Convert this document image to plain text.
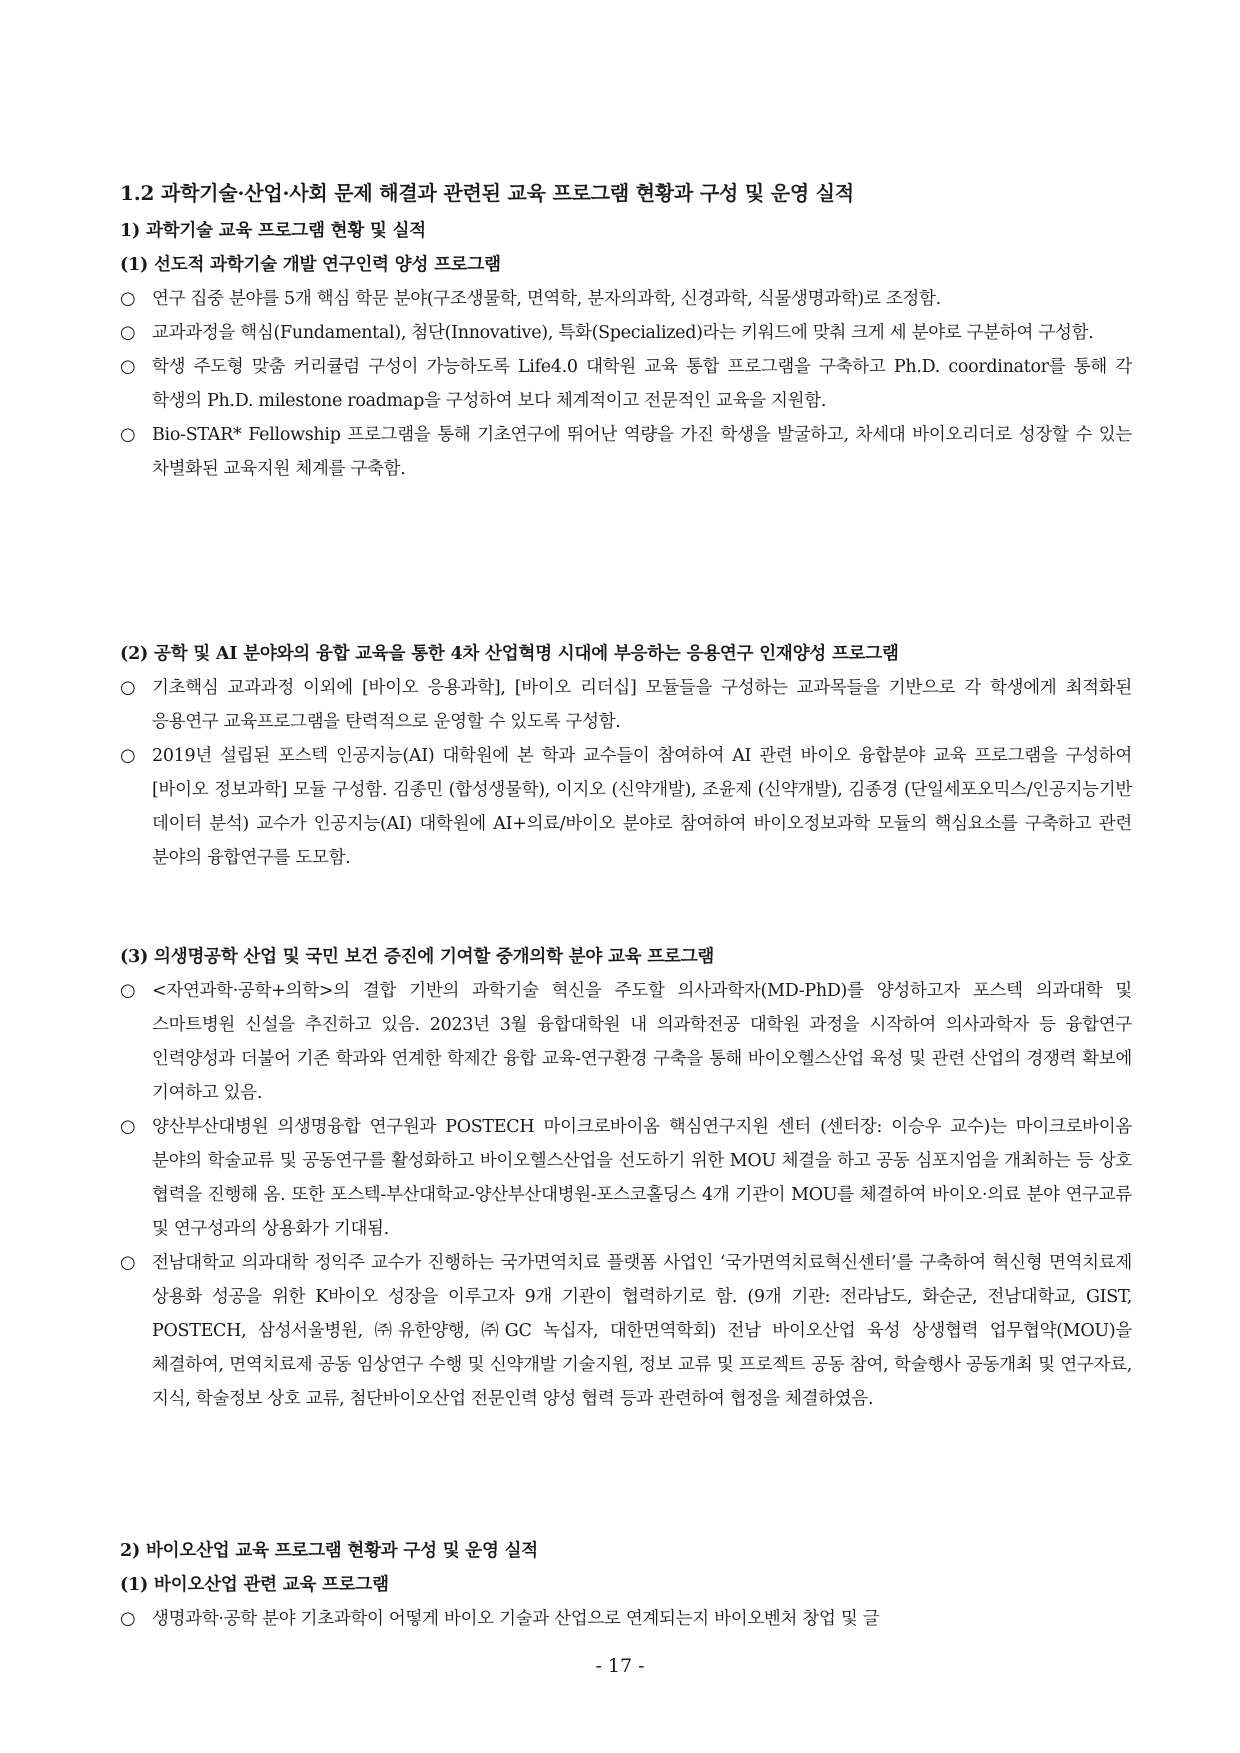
1.2 과학기술·산업·사회 문제 해결과 관련된 교육 프로그램 현황과 구성 및 운영 실적
1) 과학기술 교육 프로그램 현황 및 실적
(1) 선도적 과학기술 개발 연구인력 양성 프로그램
○ 연구 집중 분야를 5개 핵심 학문 분야(구조생물학, 면역학, 분자의과학, 신경과학, 식물생명과학)로 조정함.
○ 교과과정을 핵심(Fundamental), 첨단(Innovative), 특화(Specialized)라는 키워드에 맞춰 크게 세 분야로 구분하여 구성함.
○ 학생 주도형 맞춤 커리큘럼 구성이 가능하도록 Life4.0 대학원 교육 통합 프로그램을 구축하고 Ph.D. coordinator를 통해 각 학생의 Ph.D. milestone roadmap을 구성하여 보다 체계적이고 전문적인 교육을 지원함.
○ Bio-STAR* Fellowship 프로그램을 통해 기초연구에 뛰어난 역량을 가진 학생을 발굴하고, 차세대 바이오리더로 성장할 수 있는 차별화된 교육지원 체계를 구축함.
(2) 공학 및 AI 분야와의 융합 교육을 통한 4차 산업혁명 시대에 부응하는 응용연구 인재양성 프로그램
○ 기초핵심 교과과정 이외에 [바이오 응용과학], [바이오 리더십] 모듈들을 구성하는 교과목들을 기반으로 각 학생에게 최적화된 응용연구 교육프로그램을 탄력적으로 운영할 수 있도록 구성함.
○ 2019년 설립된 포스텍 인공지능(AI) 대학원에 본 학과 교수들이 참여하여 AI 관련 바이오 융합분야 교육 프로그램을 구성하여 [바이오 정보과학] 모듈 구성함. 김종민 (합성생물학), 이지오 (신약개발), 조윤제 (신약개발), 김종경 (단일세포오믹스/인공지능기반 데이터 분석) 교수가 인공지능(AI) 대학원에 AI+의료/바이오 분야로 참여하여 바이오정보과학 모듈의 핵심요소를 구축하고 관련 분야의 융합연구를 도모함.
(3) 의생명공학 산업 및 국민 보건 증진에 기여할 중개의학 분야 교육 프로그램
○ <자연과학·공학+의학>의 결합 기반의 과학기술 혁신을 주도할 의사과학자(MD-PhD)를 양성하고자 포스텍 의과대학 및 스마트병원 신설을 추진하고 있음. 2023년 3월 융합대학원 내 의과학전공 대학원 과정을 시작하여 의사과학자 등 융합연구 인력양성과 더불어 기존 학과와 연계한 학제간 융합 교육-연구환경 구축을 통해 바이오헬스산업 육성 및 관련 산업의 경쟁력 확보에 기여하고 있음.
○ 양산부산대병원 의생명융합 연구원과 POSTECH 마이크로바이옴 핵심연구지원 센터 (센터장: 이승우 교수)는 마이크로바이옴 분야의 학술교류 및 공동연구를 활성화하고 바이오헬스산업을 선도하기 위한 MOU 체결을 하고 공동 심포지엄을 개최하는 등 상호 협력을 진행해 옴. 또한 포스텍-부산대학교-양산부산대병원-포스코홀딩스 4개 기관이 MOU를 체결하여 바이오·의료 분야 연구교류 및 연구성과의 상용화가 기대됨.
○ 전남대학교 의과대학 정익주 교수가 진행하는 국가면역치료 플랫폼 사업인 ‘국가면역치료혁신센터’를 구축하여 혁신형 면역치료제 상용화 성공을 위한 K바이오 성장을 이루고자 9개 기관이 협력하기로 함. (9개 기관: 전라남도, 화순군, 전남대학교, GIST, POSTECH, 삼성서울병원, ㈜유한양행, ㈜GC 녹십자, 대한면역학회) 전남 바이오산업 육성 상생협력 업무협약(MOU)을 체결하여, 면역치료제 공동 임상연구 수행 및 신약개발 기술지원, 정보 교류 및 프로젝트 공동 참여, 학술행사 공동개최 및 연구자료, 지식, 학술정보 상호 교류, 첨단바이오산업 전문인력 양성 협력 등과 관련하여 협정을 체결하였음.
2) 바이오산업 교육 프로그램 현황과 구성 및 운영 실적
(1) 바이오산업 관련 교육 프로그램
○ 생명과학·공학 분야 기초과학이 어떻게 바이오 기술과 산업으로 연계되는지 바이오벤처 창업 및 글
- 17 -
